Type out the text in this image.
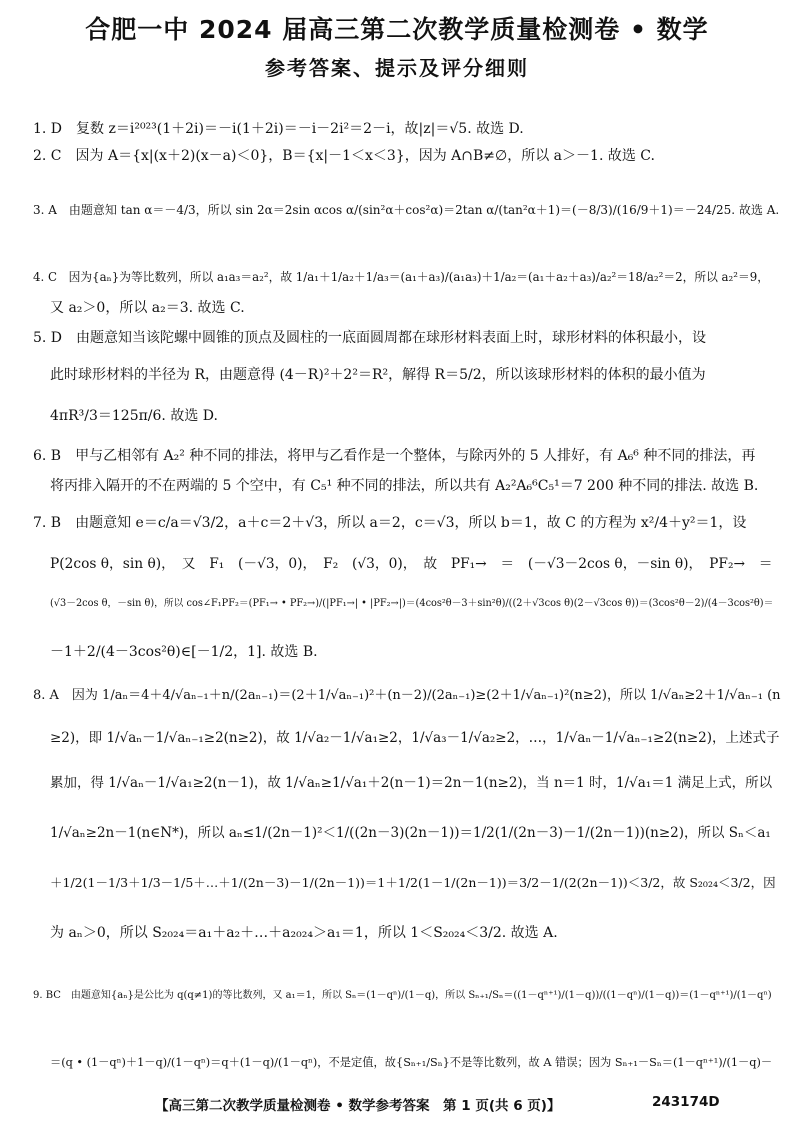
合肥一中 2024 届高三第二次教学质量检测卷 • 数学
参考答案、提示及评分细则
1. D　复数 z＝i²⁰²³(1＋2i)＝－i(1＋2i)＝－i－2i²＝2－i，故|z|＝√5. 故选 D.
2. C　因为 A＝{x|(x＋2)(x－a)＜0}，B＝{x|－1＜x＜3}，因为 A∩B≠∅，所以 a＞－1. 故选 C.
3. A　由题意知 tan α＝－4/3，所以 sin 2α＝2sin αcos α/(sin²α＋cos²α)＝2tan α/(tan²α＋1)＝(－8/3)/(16/9＋1)＝－24/25. 故选 A.
4. C　因为{aₙ}为等比数列，所以 a₁a₃＝a₂²，故 1/a₁＋1/a₂＋1/a₃＝(a₁＋a₃)/(a₁a₃)＋1/a₂＝(a₁＋a₂＋a₃)/a₂²＝18/a₂²＝2，所以 a₂²＝9，
又 a₂＞0，所以 a₂＝3. 故选 C.
5. D　由题意知当该陀螺中圆锥的顶点及圆柱的一底面圆周都在球形材料表面上时，球形材料的体积最小，设
此时球形材料的半径为 R，由题意得 (4－R)²＋2²＝R²，解得 R＝5/2，所以该球形材料的体积的最小值为
4πR³/3＝125π/6. 故选 D.
6. B　甲与乙相邻有 A₂² 种不同的排法，将甲与乙看作是一个整体，与除丙外的 5 人排好，有 A₆⁶ 种不同的排法，再
将丙排入隔开的不在两端的 5 个空中，有 C₅¹ 种不同的排法，所以共有 A₂²A₆⁶C₅¹＝7 200 种不同的排法. 故选 B.
7. B　由题意知 e＝c/a＝√3/2，a＋c＝2＋√3，所以 a＝2，c＝√3，所以 b＝1，故 C 的方程为 x²/4＋y²＝1，设
P(2cos θ，sin θ)，　又　F₁　(－√3，0)，　F₂　(√3，0)，　故　PF₁→　＝　(－√3－2cos θ，－sin θ)，　PF₂→　＝
(√3－2cos θ，－sin θ)，所以 cos∠F₁PF₂＝(PF₁→ • PF₂→)/(|PF₁→| • |PF₂→|)＝(4cos²θ－3＋sin²θ)/((2＋√3cos θ)(2－√3cos θ))＝(3cos²θ－2)/(4－3cos²θ)＝
－1＋2/(4－3cos²θ)∈[－1/2，1]. 故选 B.
8. A　因为 1/aₙ＝4＋4/√aₙ₋₁＋n/(2aₙ₋₁)＝(2＋1/√aₙ₋₁)²＋(n－2)/(2aₙ₋₁)≥(2＋1/√aₙ₋₁)²(n≥2)，所以 1/√aₙ≥2＋1/√aₙ₋₁ (n
≥2)，即 1/√aₙ－1/√aₙ₋₁≥2(n≥2)，故 1/√a₂－1/√a₁≥2，1/√a₃－1/√a₂≥2，…，1/√aₙ－1/√aₙ₋₁≥2(n≥2)，上述式子
累加，得 1/√aₙ－1/√a₁≥2(n－1)，故 1/√aₙ≥1/√a₁＋2(n－1)＝2n－1(n≥2)，当 n＝1 时，1/√a₁＝1 满足上式，所以
1/√aₙ≥2n－1(n∈N*)，所以 aₙ≤1/(2n－1)²＜1/((2n－3)(2n－1))＝1/2(1/(2n－3)－1/(2n－1))(n≥2)，所以 Sₙ＜a₁
＋1/2(1－1/3＋1/3－1/5＋…＋1/(2n－3)－1/(2n－1))＝1＋1/2(1－1/(2n－1))＝3/2－1/(2(2n－1))＜3/2，故 S₂₀₂₄＜3/2，因
为 aₙ＞0，所以 S₂₀₂₄＝a₁＋a₂＋…＋a₂₀₂₄＞a₁＝1，所以 1＜S₂₀₂₄＜3/2. 故选 A.
9. BC　由题意知{aₙ}是公比为 q(q≠1)的等比数列，又 a₁＝1，所以 Sₙ＝(1－qⁿ)/(1－q)，所以 Sₙ₊₁/Sₙ＝((1－qⁿ⁺¹)/(1－q))/((1－qⁿ)/(1－q))＝(1－qⁿ⁺¹)/(1－qⁿ)
＝(q • (1－qⁿ)＋1－q)/(1－qⁿ)＝q＋(1－q)/(1－qⁿ)，不是定值，故{Sₙ₊₁/Sₙ}不是等比数列，故 A 错误；因为 Sₙ₊₁－Sₙ＝(1－qⁿ⁺¹)/(1－q)－
【高三第二次教学质量检测卷 • 数学参考答案　第 1 页(共 6 页)】	243174D
